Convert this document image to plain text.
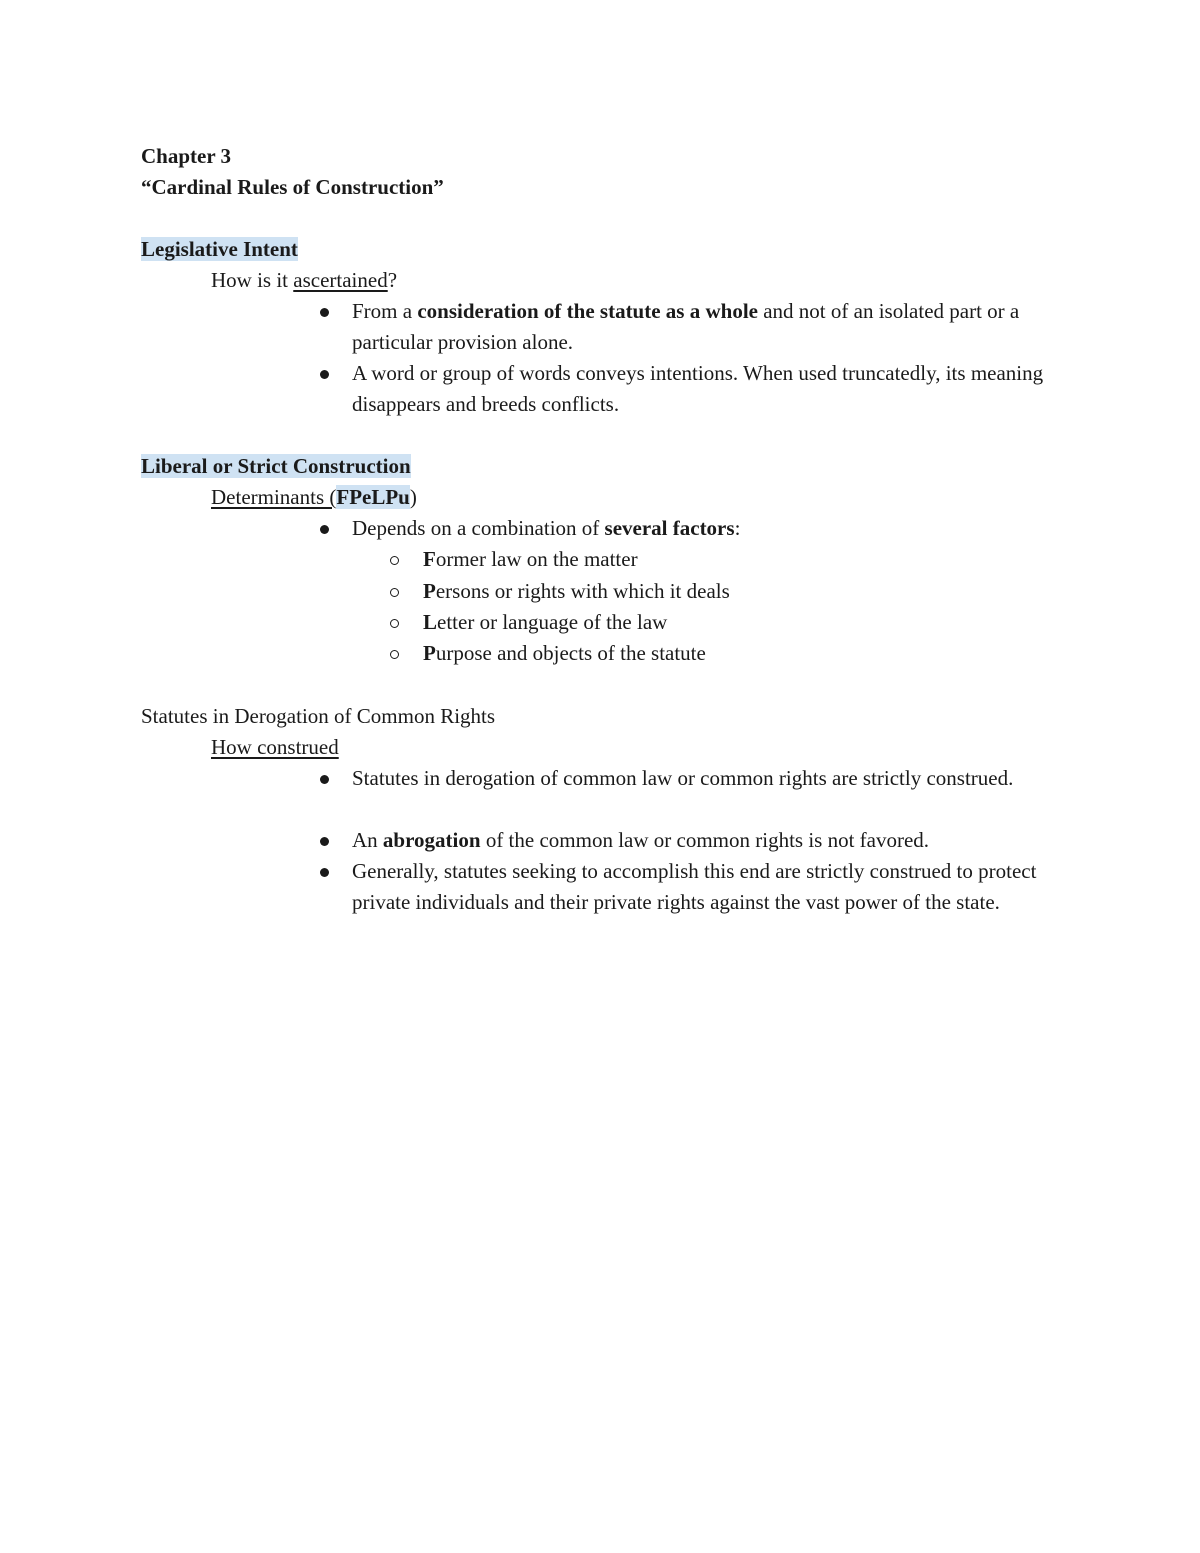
Chapter 3
“Cardinal Rules of Construction”
Legislative Intent
How is it ascertained?
From a consideration of the statute as a whole and not of an isolated part or a particular provision alone.
A word or group of words conveys intentions. When used truncatedly, its meaning disappears and breeds conflicts.
Liberal or Strict Construction
Determinants (FPeLPu)
Depends on a combination of several factors:
Former law on the matter
Persons or rights with which it deals
Letter or language of the law
Purpose and objects of the statute
Statutes in Derogation of Common Rights
How construed
Statutes in derogation of common law or common rights are strictly construed.
An abrogation of the common law or common rights is not favored.
Generally, statutes seeking to accomplish this end are strictly construed to protect private individuals and their private rights against the vast power of the state.
